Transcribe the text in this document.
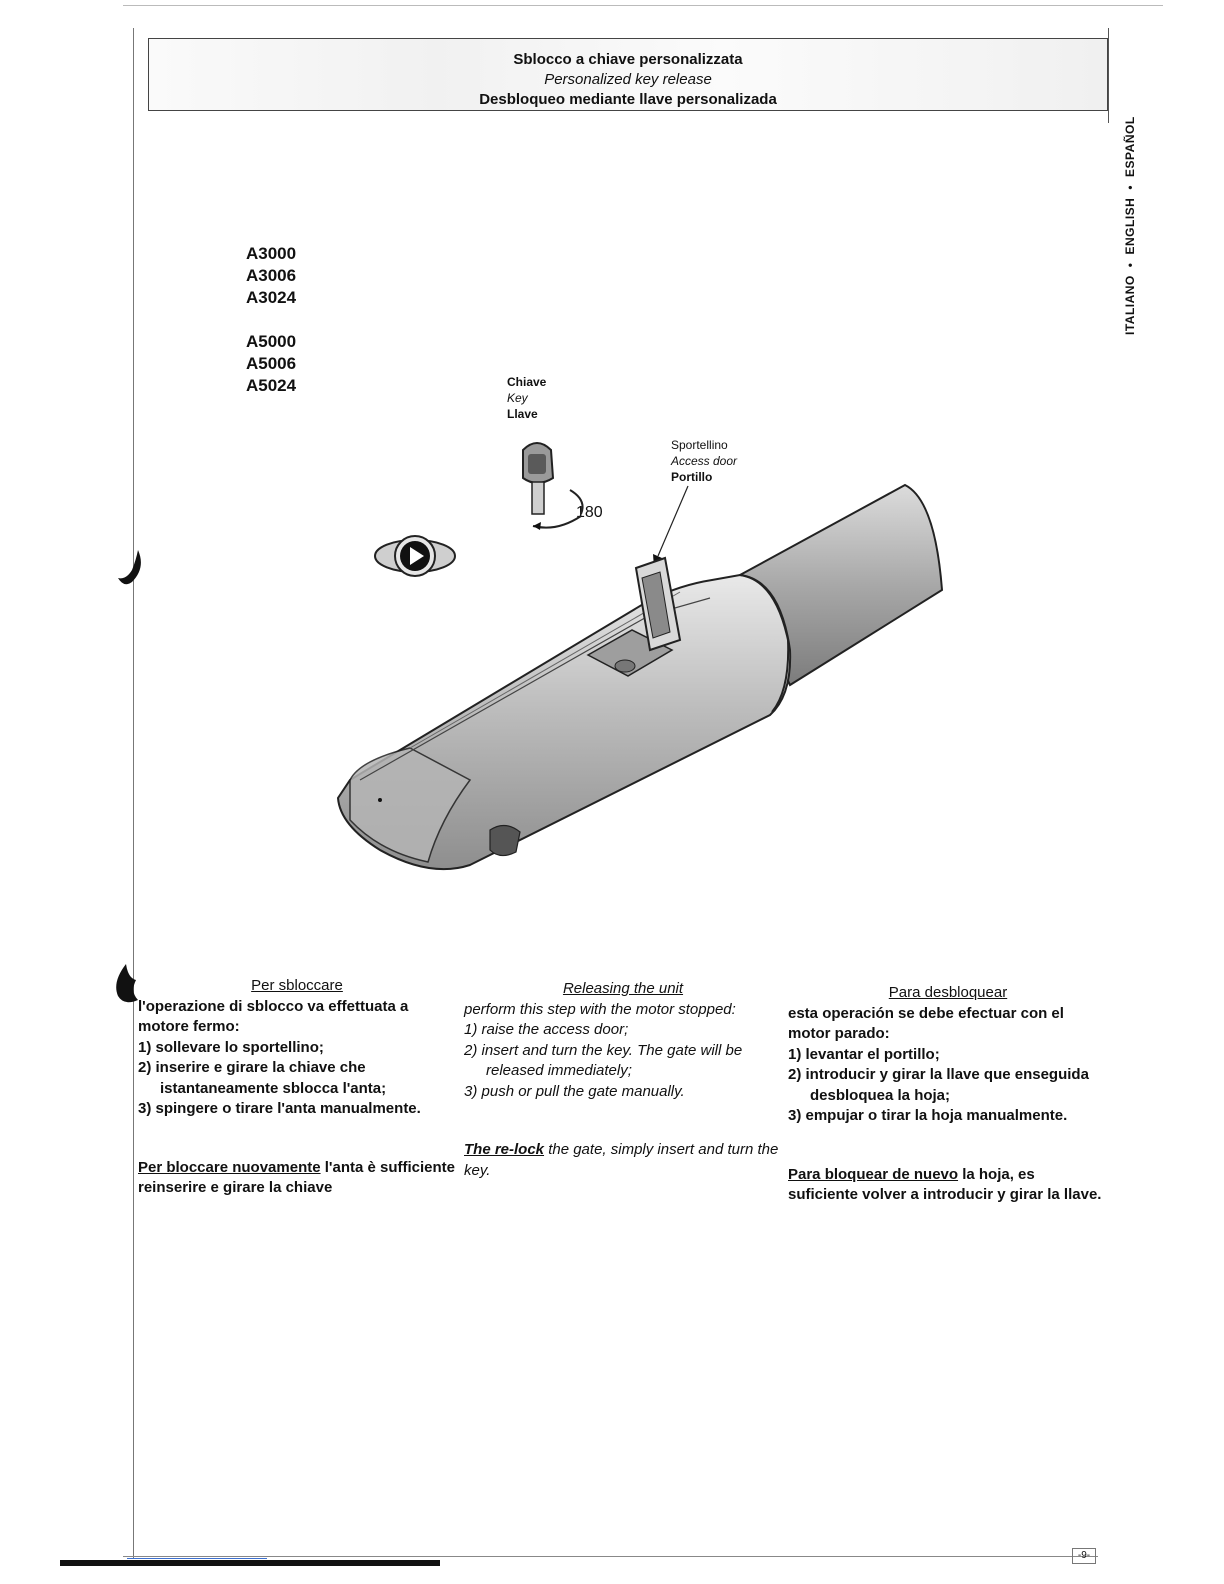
Sblocco a chiave personalizzata
Personalized key release
Desbloqueo mediante llave personalizada
ITALIANO•ENGLISH•ESPAÑOL
A3000
A3006
A3024
A5000
A5006
A5024	Chiave
Key
Llave
Sportellino
Access door
Portillo
180

Per sbloccare

l'operazione di sblocco va effettuata a motore fermo:

1) sollevare lo sportellino;

2) inserire e girare la chiave che istantaneamente sblocca l'anta;

3) spingere o tirare l'anta manualmente.

Per bloccare nuovamente l'anta è sufficiente reinserire e girare la chiave

Releasing the unit

perform this step with the motor stopped:

1) raise the access door;

2) insert and turn the key. The gate will be released immediately;

3) push or pull the gate manually.

The re-lock the gate, simply insert and turn the key.

Para desbloquear

esta operación se debe efectuar con el motor parado:

1) levantar el portillo;

2) introducir y girar la llave que enseguida desbloquea la hoja;

3) empujar o tirar la hoja manualmente.

Para bloquear de nuevo la hoja, es suficiente volver a introducir y girar la llave.

-9-
